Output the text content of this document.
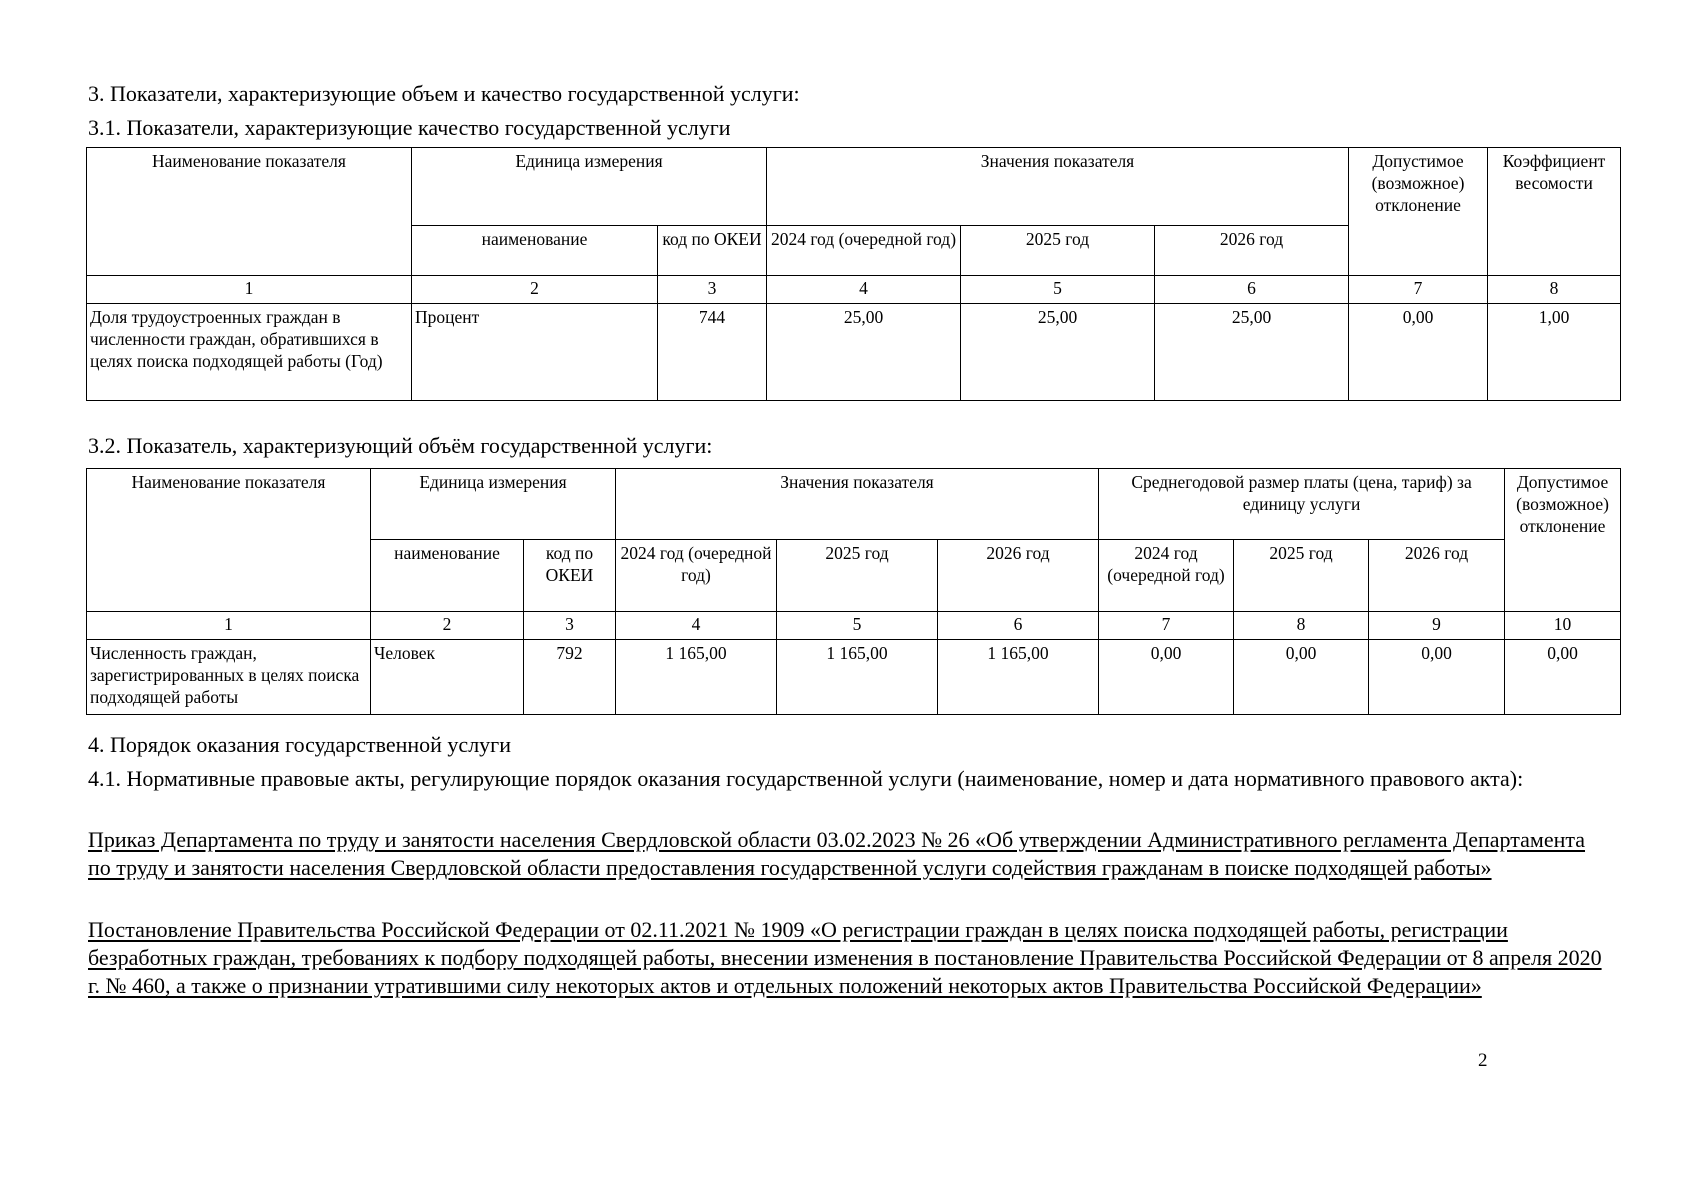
3. Показатели, характеризующие объем и качество государственной услуги:
3.1. Показатели, характеризующие качество государственной услуги
Наименование показателя	Единица измерения		Значения показателя			Допустимое (возможное) отклонение	Коэффициент весомости
	наименование	код по ОКЕИ	2024 год (очередной год)	2025 год	2026 год		
1	2	3	4	5	6	7	8
Доля трудоустроенных граждан в численности граждан, обратившихся в целях поиска подходящей работы (Год)	Процент	744	25,00	25,00	25,00	0,00	1,00
3.2. Показатель, характеризующий объём государственной услуги:
Наименование показателя	Единица измерения		Значения показателя			Среднегодовой размер платы (цена, тариф) за единицу услуги			Допустимое (возможное) отклонение
	наименование	код по ОКЕИ	2024 год (очередной год)	2025 год	2026 год	2024 год (очередной год)	2025 год	2026 год	
1	2	3	4	5	6	7	8	9	10
Численность граждан, зарегистрированных в целях поиска подходящей работы	Человек	792	1 165,00	1 165,00	1 165,00	0,00	0,00	0,00	0,00
4. Порядок оказания государственной услуги
4.1. Нормативные правовые акты, регулирующие порядок оказания государственной услуги (наименование, номер и дата нормативного правового акта):
Приказ Департамента по труду и занятости населения Свердловской области 03.02.2023 № 26 «Об утверждении Административного регламента Департамента по труду и занятости населения Свердловской области предоставления государственной услуги содействия гражданам в поиске подходящей работы»
Постановление Правительства Российской Федерации от 02.11.2021 № 1909 «О регистрации граждан в целях поиска подходящей работы, регистрации безработных граждан, требованиях к подбору подходящей работы, внесении изменения в постановление Правительства Российской Федерации от 8 апреля 2020 г. № 460, а также о признании утратившими силу некоторых актов и отдельных положений некоторых актов Правительства Российской Федерации»
2
